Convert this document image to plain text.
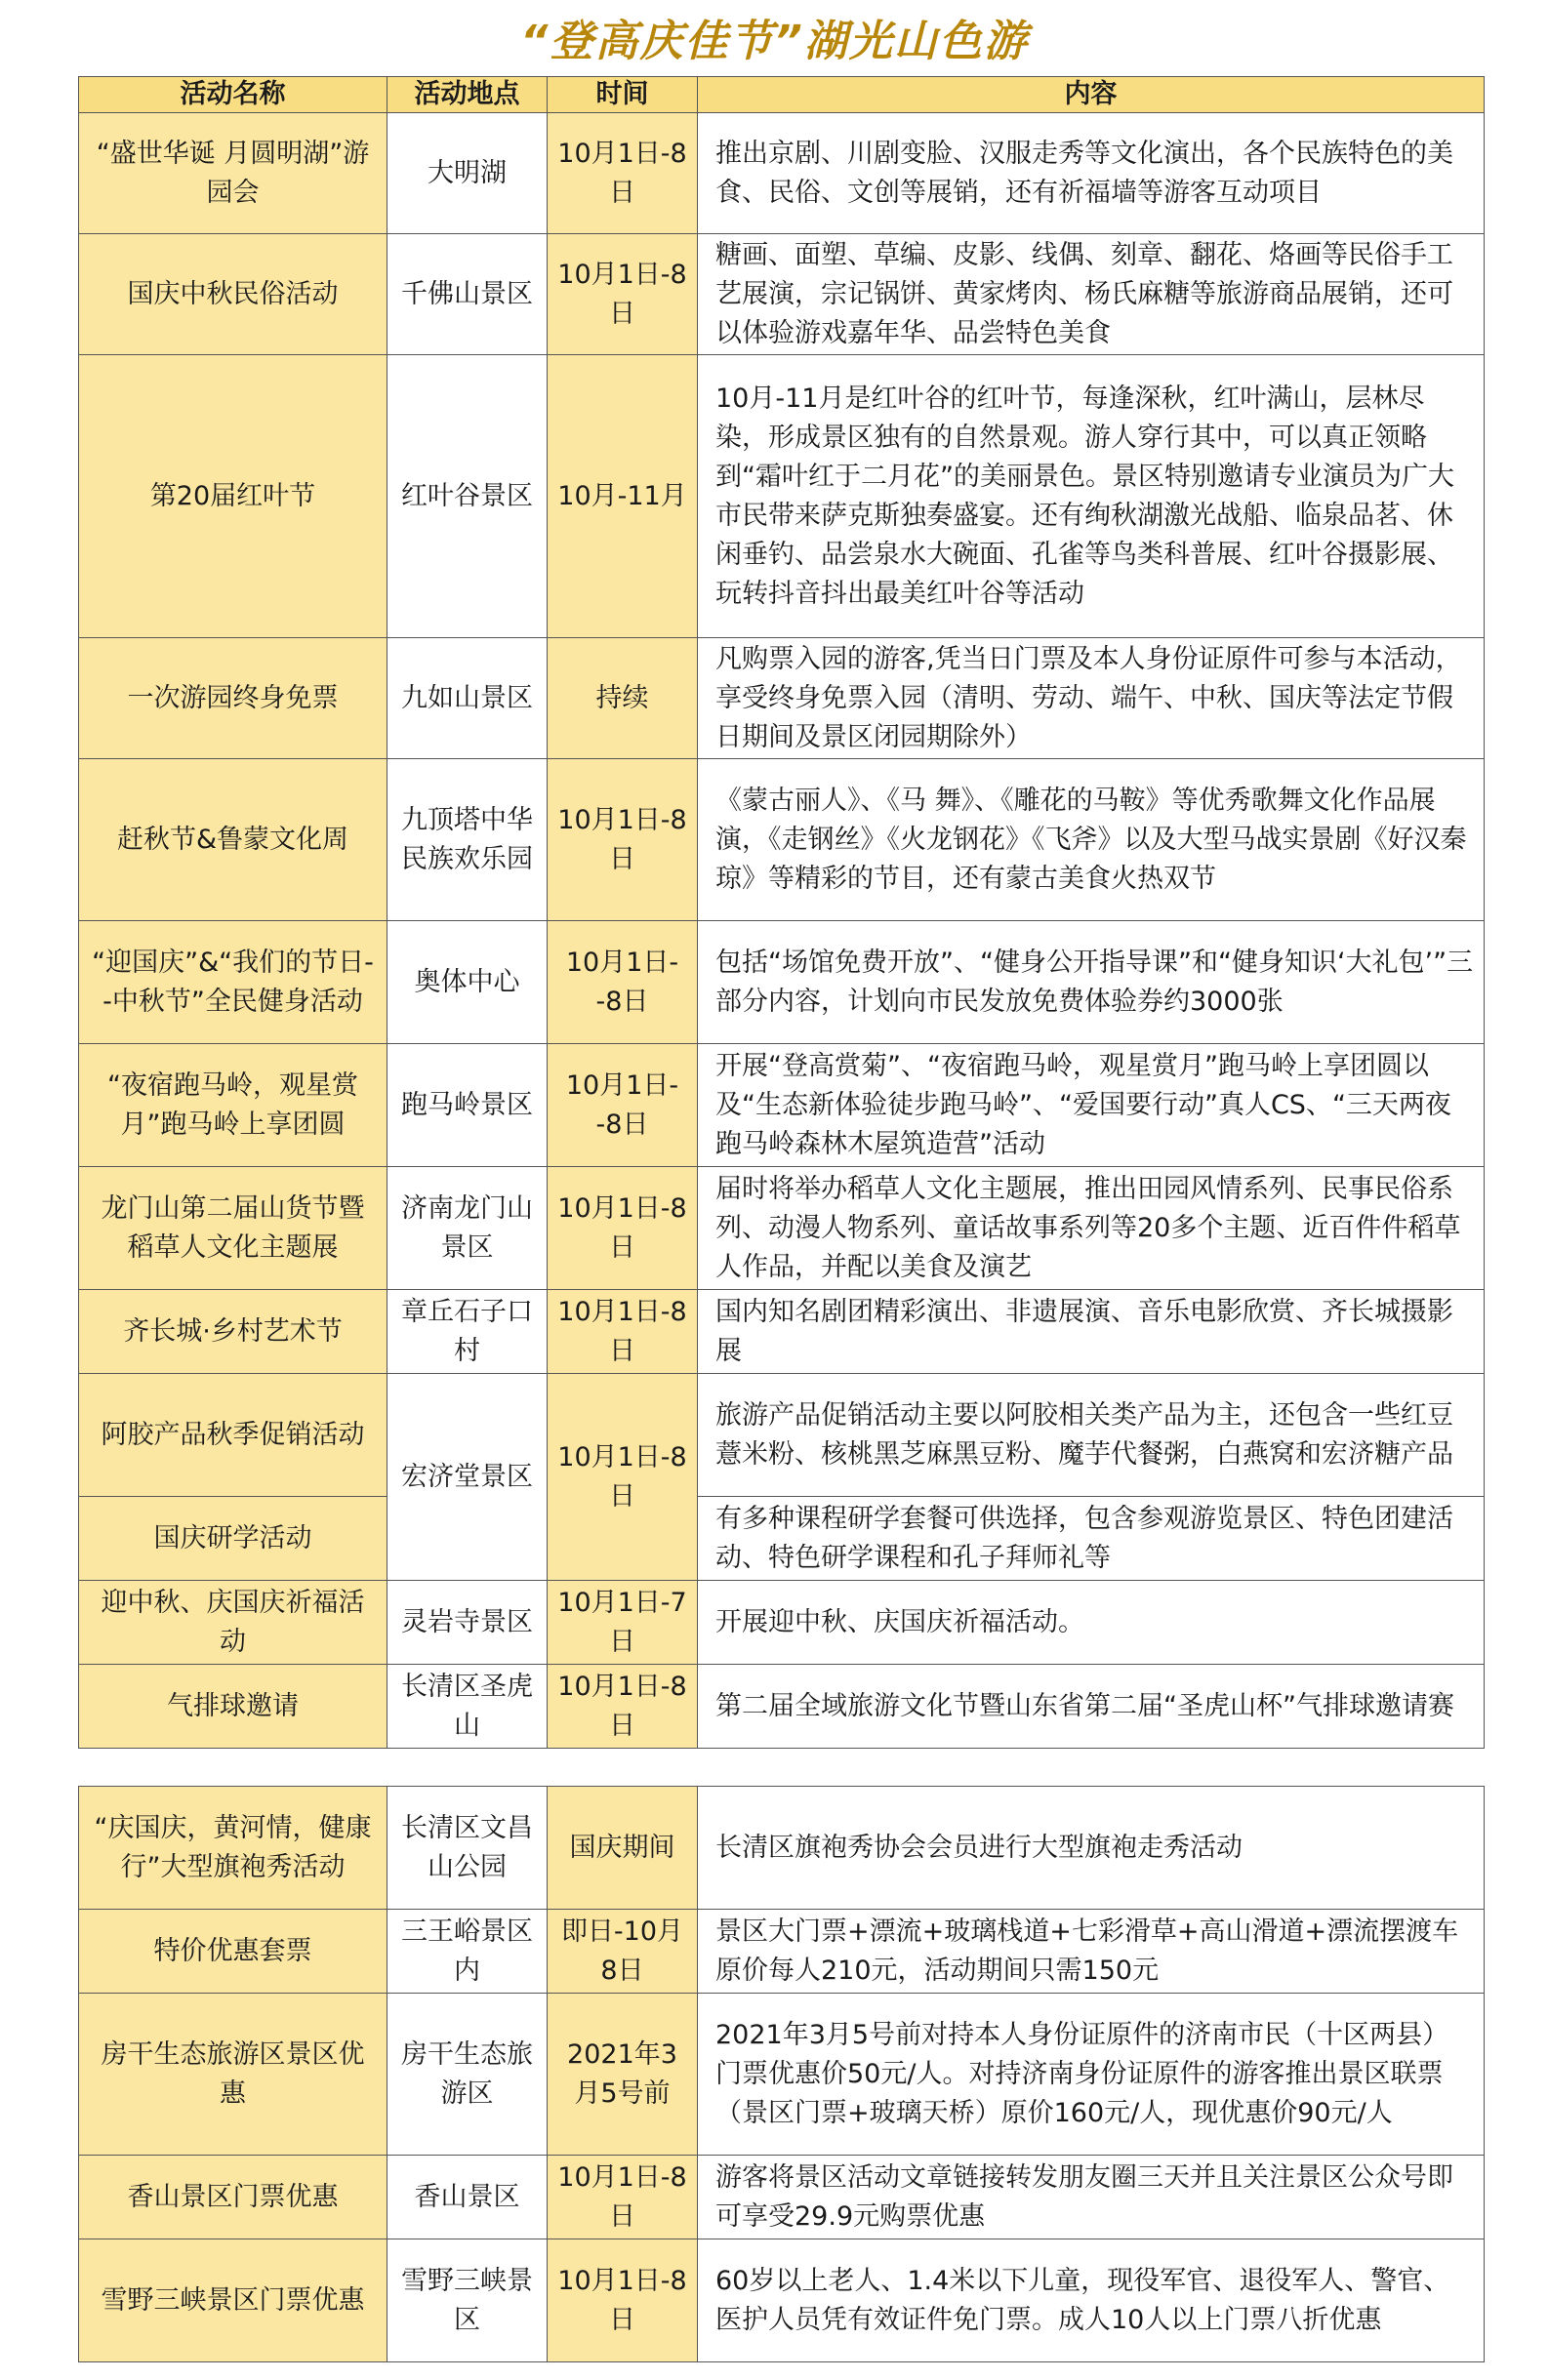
“登高庆佳节”湖光山色游
活动名称	活动地点	时间	内容
“盛世华诞 月圆明湖”游园会	大明湖	10月1日-8日	推出京剧、川剧变脸、汉服走秀等文化演出，各个民族特色的美食、民俗、文创等展销，还有祈福墙等游客互动项目
国庆中秋民俗活动	千佛山景区	10月1日-8日	糖画、面塑、草编、皮影、线偶、刻章、翻花、烙画等民俗手工艺展演，宗记锅饼、黄家烤肉、杨氏麻糖等旅游商品展销，还可以体验游戏嘉年华、品尝特色美食
第20届红叶节	红叶谷景区	10月-11月	10月-11月是红叶谷的红叶节，每逢深秋，红叶满山，层林尽染，形成景区独有的自然景观。游人穿行其中，可以真正领略到“霜叶红于二月花”的美丽景色。景区特别邀请专业演员为广大市民带来萨克斯独奏盛宴。还有绚秋湖激光战船、临泉品茗、休闲垂钓、品尝泉水大碗面、孔雀等鸟类科普展、红叶谷摄影展、玩转抖音抖出最美红叶谷等活动
一次游园终身免票	九如山景区	持续	凡购票入园的游客,凭当日门票及本人身份证原件可参与本活动，享受终身免票入园（清明、劳动、端午、中秋、国庆等法定节假日期间及景区闭园期除外）
赶秋节&鲁蒙文化周	九顶塔中华民族欢乐园	10月1日-8日	《蒙古丽人》、《马 舞》、《雕花的马鞍》等优秀歌舞文化作品展演，《走钢丝》《火龙钢花》《飞斧》以及大型马战实景剧《好汉秦琼》等精彩的节目，还有蒙古美食火热双节
“迎国庆”&“我们的节日--中秋节”全民健身活动	奥体中心	10月1日--8日	包括“场馆免费开放”、“健身公开指导课”和“健身知识‘大礼包’”三部分内容，计划向市民发放免费体验券约3000张
“夜宿跑马岭，观星赏月”跑马岭上享团圆	跑马岭景区	10月1日--8日	开展“登高赏菊”、“夜宿跑马岭，观星赏月”跑马岭上享团圆以及“生态新体验徒步跑马岭”、“爱国要行动”真人CS、“三天两夜跑马岭森林木屋筑造营”活动
龙门山第二届山货节暨稻草人文化主题展	济南龙门山景区	10月1日-8日	届时将举办稻草人文化主题展，推出田园风情系列、民事民俗系列、动漫人物系列、童话故事系列等20多个主题、近百件件稻草人作品，并配以美食及演艺
齐长城·乡村艺术节	章丘石子口村	10月1日-8日	国内知名剧团精彩演出、非遗展演、音乐电影欣赏、齐长城摄影展
阿胶产品秋季促销活动	宏济堂景区	10月1日-8日	旅游产品促销活动主要以阿胶相关类产品为主，还包含一些红豆薏米粉、核桃黑芝麻黑豆粉、魔芋代餐粥，白燕窝和宏济糖产品
国庆研学活动			有多种课程研学套餐可供选择，包含参观游览景区、特色团建活动、特色研学课程和孔子拜师礼等
迎中秋、庆国庆祈福活动	灵岩寺景区	10月1日-7日	开展迎中秋、庆国庆祈福活动。
气排球邀请	长清区圣虎山	10月1日-8日	第二届全域旅游文化节暨山东省第二届“圣虎山杯”气排球邀请赛
“庆国庆，黄河情，健康行”大型旗袍秀活动	长清区文昌山公园	国庆期间	长清区旗袍秀协会会员进行大型旗袍走秀活动
特价优惠套票	三王峪景区内	即日-10月8日	景区大门票+漂流+玻璃栈道+七彩滑草+高山滑道+漂流摆渡车原价每人210元，活动期间只需150元
房干生态旅游区景区优惠	房干生态旅游区	2021年3月5号前	2021年3月5号前对持本人身份证原件的济南市民（十区两县）门票优惠价50元/人。对持济南身份证原件的游客推出景区联票（景区门票+玻璃天桥）原价160元/人，现优惠价90元/人
香山景区门票优惠	香山景区	10月1日-8日	游客将景区活动文章链接转发朋友圈三天并且关注景区公众号即可享受29.9元购票优惠
雪野三峡景区门票优惠	雪野三峡景区	10月1日-8日	60岁以上老人、1.4米以下儿童，现役军官、退役军人、警官、医护人员凭有效证件免门票。成人10人以上门票八折优惠
